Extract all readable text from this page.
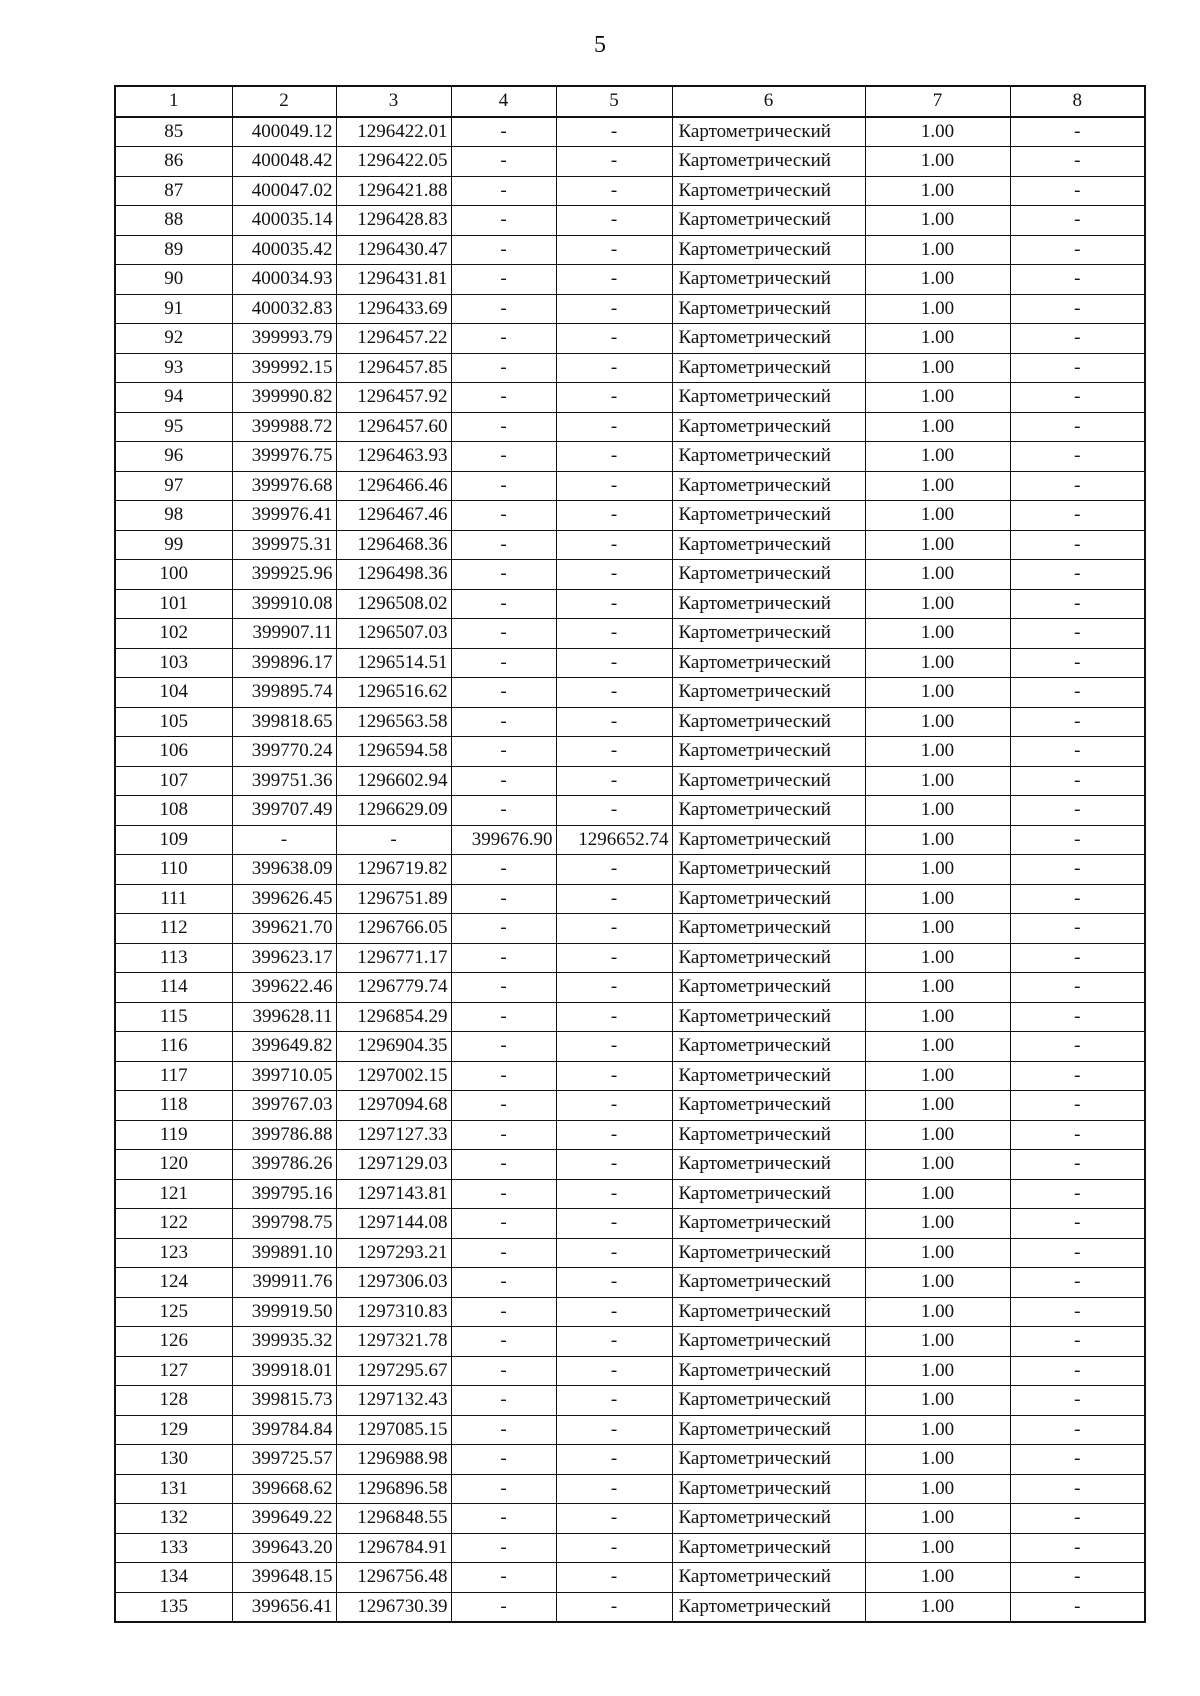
5
1	2	3	4	5	6	7	8
85	400049.12	1296422.01	-	-	Картометрический	1.00	-
86	400048.42	1296422.05	-	-	Картометрический	1.00	-
87	400047.02	1296421.88	-	-	Картометрический	1.00	-
88	400035.14	1296428.83	-	-	Картометрический	1.00	-
89	400035.42	1296430.47	-	-	Картометрический	1.00	-
90	400034.93	1296431.81	-	-	Картометрический	1.00	-
91	400032.83	1296433.69	-	-	Картометрический	1.00	-
92	399993.79	1296457.22	-	-	Картометрический	1.00	-
93	399992.15	1296457.85	-	-	Картометрический	1.00	-
94	399990.82	1296457.92	-	-	Картометрический	1.00	-
95	399988.72	1296457.60	-	-	Картометрический	1.00	-
96	399976.75	1296463.93	-	-	Картометрический	1.00	-
97	399976.68	1296466.46	-	-	Картометрический	1.00	-
98	399976.41	1296467.46	-	-	Картометрический	1.00	-
99	399975.31	1296468.36	-	-	Картометрический	1.00	-
100	399925.96	1296498.36	-	-	Картометрический	1.00	-
101	399910.08	1296508.02	-	-	Картометрический	1.00	-
102	399907.11	1296507.03	-	-	Картометрический	1.00	-
103	399896.17	1296514.51	-	-	Картометрический	1.00	-
104	399895.74	1296516.62	-	-	Картометрический	1.00	-
105	399818.65	1296563.58	-	-	Картометрический	1.00	-
106	399770.24	1296594.58	-	-	Картометрический	1.00	-
107	399751.36	1296602.94	-	-	Картометрический	1.00	-
108	399707.49	1296629.09	-	-	Картометрический	1.00	-
109	-	-	399676.90	1296652.74	Картометрический	1.00	-
110	399638.09	1296719.82	-	-	Картометрический	1.00	-
111	399626.45	1296751.89	-	-	Картометрический	1.00	-
112	399621.70	1296766.05	-	-	Картометрический	1.00	-
113	399623.17	1296771.17	-	-	Картометрический	1.00	-
114	399622.46	1296779.74	-	-	Картометрический	1.00	-
115	399628.11	1296854.29	-	-	Картометрический	1.00	-
116	399649.82	1296904.35	-	-	Картометрический	1.00	-
117	399710.05	1297002.15	-	-	Картометрический	1.00	-
118	399767.03	1297094.68	-	-	Картометрический	1.00	-
119	399786.88	1297127.33	-	-	Картометрический	1.00	-
120	399786.26	1297129.03	-	-	Картометрический	1.00	-
121	399795.16	1297143.81	-	-	Картометрический	1.00	-
122	399798.75	1297144.08	-	-	Картометрический	1.00	-
123	399891.10	1297293.21	-	-	Картометрический	1.00	-
124	399911.76	1297306.03	-	-	Картометрический	1.00	-
125	399919.50	1297310.83	-	-	Картометрический	1.00	-
126	399935.32	1297321.78	-	-	Картометрический	1.00	-
127	399918.01	1297295.67	-	-	Картометрический	1.00	-
128	399815.73	1297132.43	-	-	Картометрический	1.00	-
129	399784.84	1297085.15	-	-	Картометрический	1.00	-
130	399725.57	1296988.98	-	-	Картометрический	1.00	-
131	399668.62	1296896.58	-	-	Картометрический	1.00	-
132	399649.22	1296848.55	-	-	Картометрический	1.00	-
133	399643.20	1296784.91	-	-	Картометрический	1.00	-
134	399648.15	1296756.48	-	-	Картометрический	1.00	-
135	399656.41	1296730.39	-	-	Картометрический	1.00	-
